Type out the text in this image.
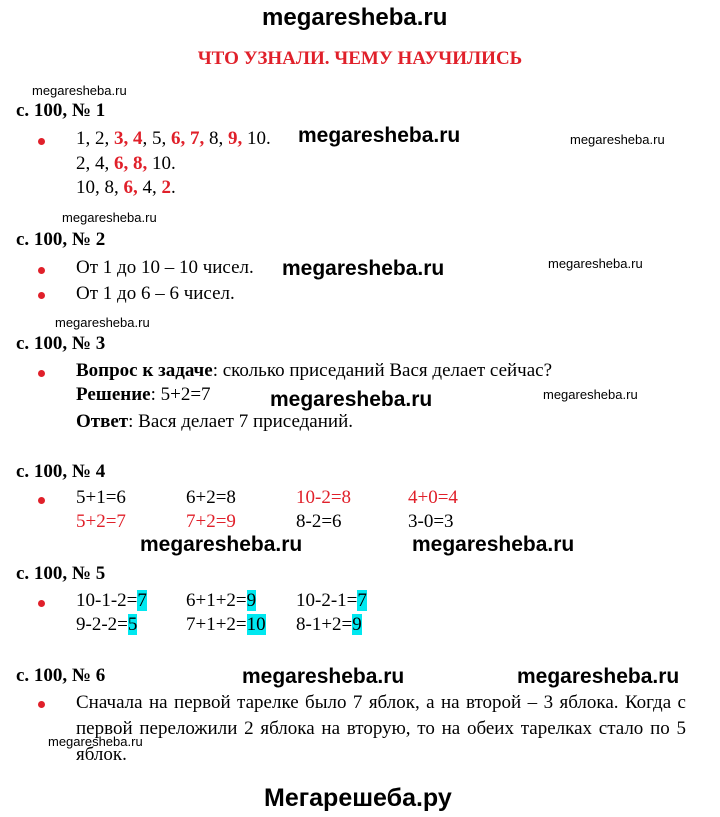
megaresheba.ru
megaresheba.ru
megaresheba.ru	megaresheba.ru
megaresheba.ru
megaresheba.ru	megaresheba.ru
megaresheba.ru
megaresheba.ru	megaresheba.ru
megaresheba.ru	megaresheba.ru
megaresheba.ru	megaresheba.ru
megaresheba.ru
Мегарешеба.ру
ЧТО УЗНАЛИ. ЧЕМУ НАУЧИЛИСЬ
с. 100, № 1
1, 2, 3, 4, 5, 6, 7, 8, 9, 10.
2, 4, 6, 8, 10.
10, 8, 6, 4, 2.
с. 100, № 2
От 1 до 10 – 10 чисел.
От 1 до 6 – 6 чисел.
с. 100, № 3
Вопрос к задаче: сколько приседаний Вася делает сейчас?
Решение: 5+2=7
Ответ: Вася делает 7 приседаний.
с. 100, № 4
5+1=6	6+2=8	10-2=8	4+0=4
5+2=7	7+2=9	8-2=6	3-0=3
с. 100, № 5
10-1-2=7 6+1+2=9 10-2-1=7
9-2-2=5	7+1+2=10 8-1+2=9
с. 100, № 6
Сначала на первой тарелке было 7 яблок, а на второй – 3 яблока. Когда с первой переложили 2 яблока на вторую, то на обеих тарелках стало по 5 яблок.
